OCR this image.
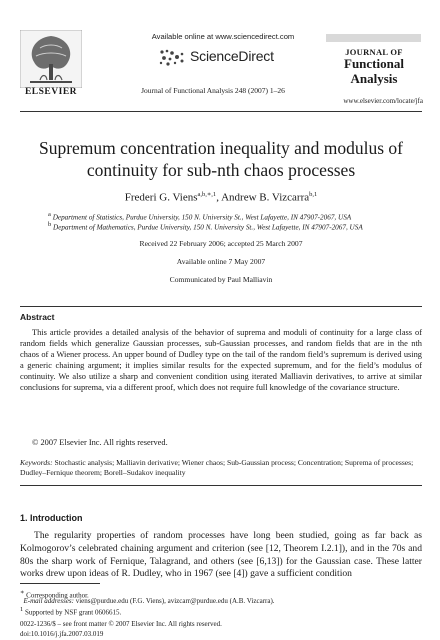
ELSEVIER
Available online at www.sciencedirect.com
ScienceDirect
Journal of Functional Analysis 248 (2007) 1–26
JOURNAL OF
Functional
Analysis
www.elsevier.com/locate/jfa
Supremum concentration inequality and modulus of
continuity for sub-nth chaos processes
Frederi G. Viens$^{a,b,∗,1}$, Andrew B. Vizcarra$^{b,1}$
$^a$ Department of Statistics, Purdue University, 150 N. University St., West Lafayette, IN 47907-2067, USA
$^b$ Department of Mathematics, Purdue University, 150 N. University St., West Lafayette, IN 47907-2067, USA
Received 22 February 2006; accepted 25 March 2007
Available online 7 May 2007
Communicated by Paul Malliavin
Abstract
This article provides a detailed analysis of the behavior of suprema and moduli of continuity for a large class of random fields which generalize Gaussian processes, sub-Gaussian processes, and random fields that are in the nth chaos of a Wiener process. An upper bound of Dudley type on the tail of the random field’s supremum is derived using a generic chaining argument; it implies similar results for the expected supremum, and for the field’s modulus of continuity. We also utilize a sharp and convenient condition using iterated Malliavin derivatives, to arrive at similar conclusions for suprema, via a different proof, which does not require full knowledge of the covariance structure.
© 2007 Elsevier Inc. All rights reserved.
Keywords: Stochastic analysis; Malliavin derivative; Wiener chaos; Sub-Gaussian process; Concentration; Suprema of processes; Dudley–Fernique theorem; Borell–Sudakov inequality
1. Introduction
The regularity properties of random processes have long been studied, going as far back as Kolmogorov’s celebrated chaining argument and criterion (see [12, Theorem I.2.1]), and in the 70s and 80s the sharp work of Fernique, Talagrand, and others (see [6,13]) for the Gaussian case. These latter works drew upon ideas of R. Dudley, who in 1967 (see [4]) gave a sufficient condition
∗ Corresponding author.
E-mail addresses: viens@purdue.edu (F.G. Viens), avizcarr@purdue.edu (A.B. Vizcarra).
$^1$ Supported by NSF grant 0606615.
0022-1236/$ – see front matter © 2007 Elsevier Inc. All rights reserved.
doi:10.1016/j.jfa.2007.03.019
